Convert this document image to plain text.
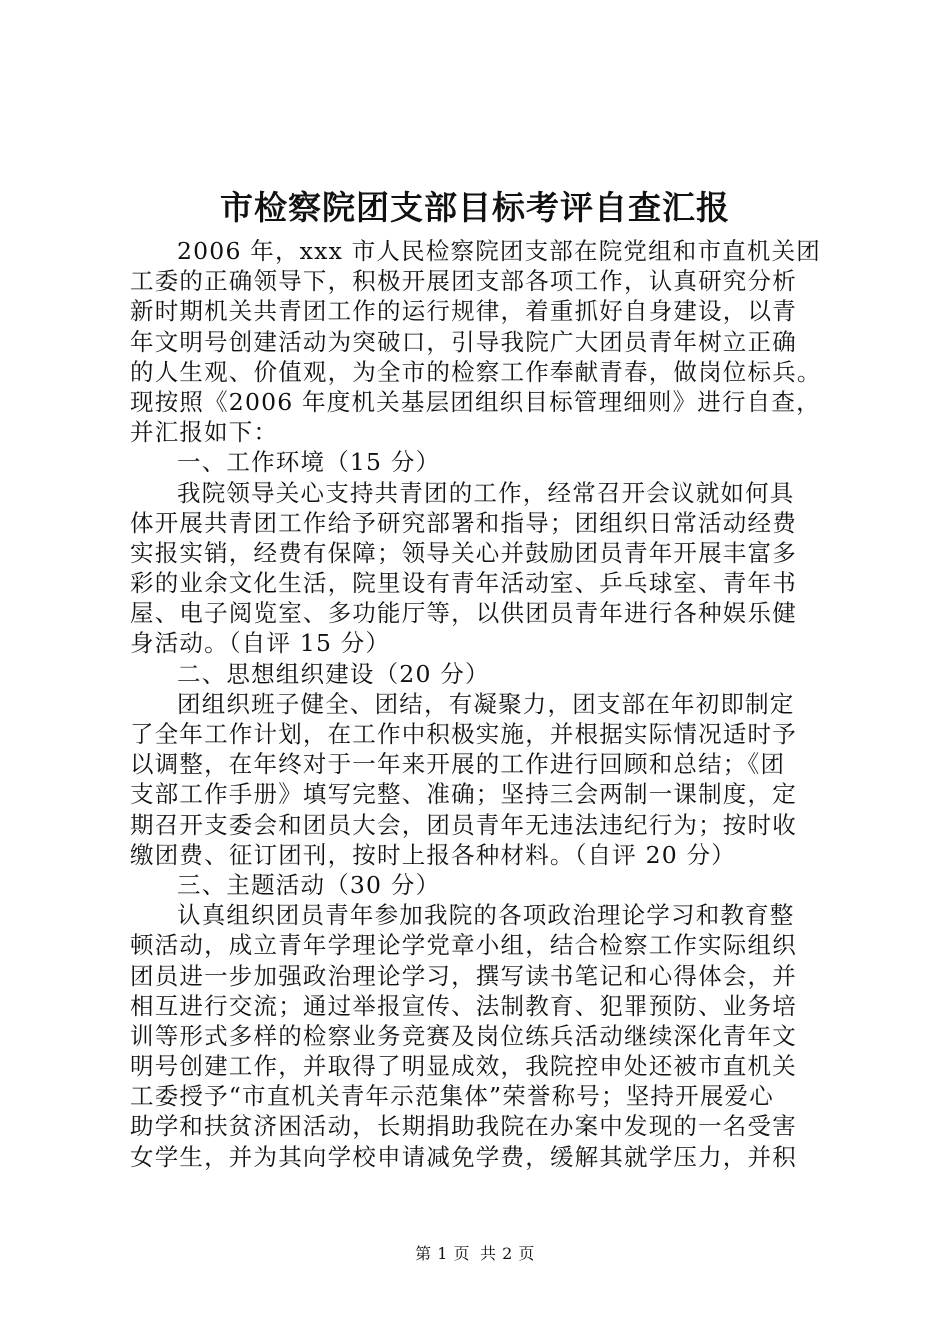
市检察院团支部目标考评自查汇报
2006 年，xxx 市人民检察院团支部在院党组和市直机关团
工委的正确领导下，积极开展团支部各项工作，认真研究分析
新时期机关共青团工作的运行规律，着重抓好自身建设，以青
年文明号创建活动为突破口，引导我院广大团员青年树立正确
的人生观、价值观，为全市的检察工作奉献青春，做岗位标兵。
现按照《2006 年度机关基层团组织目标管理细则》进行自查，
并汇报如下：
一、工作环境（15 分）
我院领导关心支持共青团的工作，经常召开会议就如何具
体开展共青团工作给予研究部署和指导；团组织日常活动经费
实报实销，经费有保障；领导关心并鼓励团员青年开展丰富多
彩的业余文化生活，院里设有青年活动室、乒乓球室、青年书
屋、电子阅览室、多功能厅等，以供团员青年进行各种娱乐健
身活动。（自评 15 分）
二、思想组织建设（20 分）
团组织班子健全、团结，有凝聚力，团支部在年初即制定
了全年工作计划，在工作中积极实施，并根据实际情况适时予
以调整，在年终对于一年来开展的工作进行回顾和总结；《团
支部工作手册》填写完整、准确；坚持三会两制一课制度，定
期召开支委会和团员大会，团员青年无违法违纪行为；按时收
缴团费、征订团刊，按时上报各种材料。（自评 20 分）
三、主题活动（30 分）
认真组织团员青年参加我院的各项政治理论学习和教育整
顿活动，成立青年学理论学党章小组，结合检察工作实际组织
团员进一步加强政治理论学习，撰写读书笔记和心得体会，并
相互进行交流；通过举报宣传、法制教育、犯罪预防、业务培
训等形式多样的检察业务竞赛及岗位练兵活动继续深化青年文
明号创建工作，并取得了明显成效，我院控申处还被市直机关
工委授予“市直机关青年示范集体”荣誉称号；坚持开展爱心
助学和扶贫济困活动，长期捐助我院在办案中发现的一名受害
女学生，并为其向学校申请减免学费，缓解其就学压力，并积
第 1 页 共 2 页
